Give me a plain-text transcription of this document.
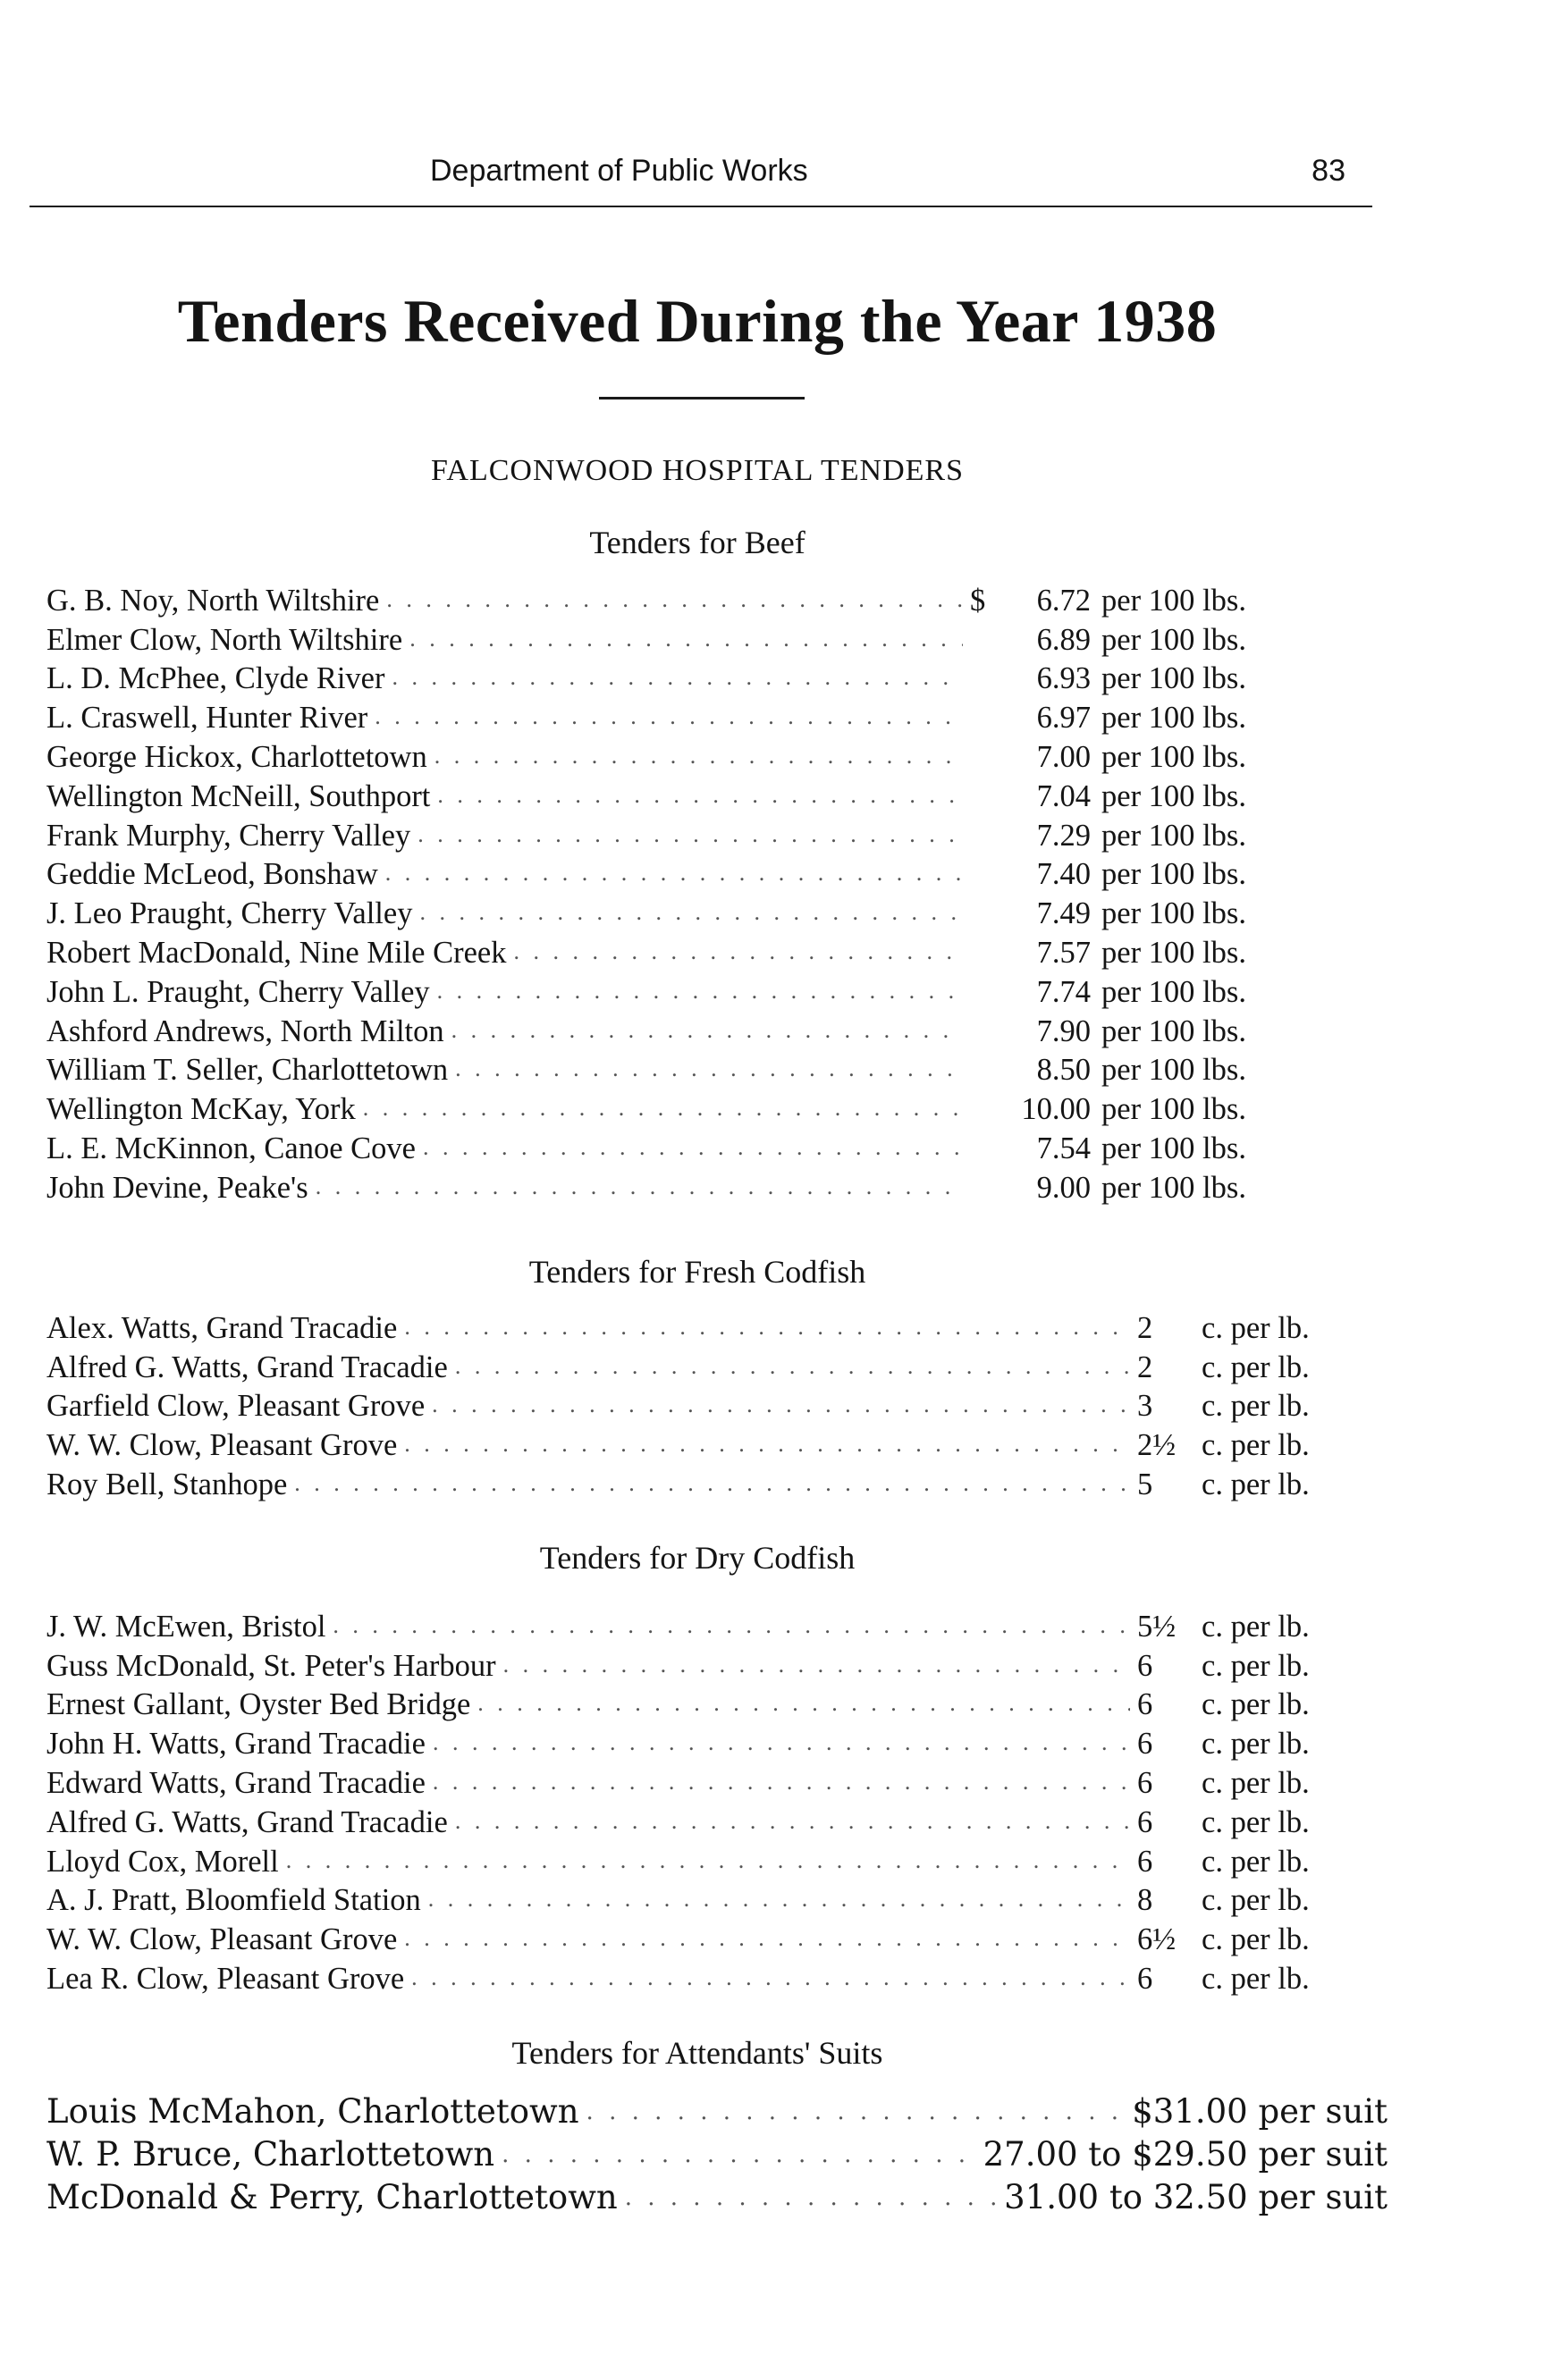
Department of Public Works	83
Tenders Received During the Year 1938
FALCONWOOD HOSPITAL TENDERS
Tenders for Beef
G. B. Noy, North Wiltshire . . .	$ 6.72 per 100 lbs.
Elmer Clow, North Wiltshire . . .	6.89 per 100 lbs.
L. D. McPhee, Clyde River . . .	6.93 per 100 lbs.
L. Craswell, Hunter River . . .	6.97 per 100 lbs.
George Hickox, Charlottetown . . .	7.00 per 100 lbs.
Wellington McNeill, Southport . . .	7.04 per 100 lbs.
Frank Murphy, Cherry Valley . . .	7.29 per 100 lbs.
Geddie McLeod, Bonshaw . . .	7.40 per 100 lbs.
J. Leo Praught, Cherry Valley . . .	7.49 per 100 lbs.
Robert MacDonald, Nine Mile Creek . . .	7.57 per 100 lbs.
John L. Praught, Cherry Valley . . .	7.74 per 100 lbs.
Ashford Andrews, North Milton . . .	7.90 per 100 lbs.
William T. Seller, Charlottetown . . .	8.50 per 100 lbs.
Wellington McKay, York . . .	10.00 per 100 lbs.
L. E. McKinnon, Canoe Cove . . .	7.54 per 100 lbs.
John Devine, Peake's . . .	9.00 per 100 lbs.
Tenders for Fresh Codfish
Alex. Watts, Grand Tracadie . . .	2 c. per lb.
Alfred G. Watts, Grand Tracadie . . .	2 c. per lb.
Garfield Clow, Pleasant Grove . . .	3 c. per lb.
W. W. Clow, Pleasant Grove . . .	2½ c. per lb.
Roy Bell, Stanhope . . .	5 c. per lb.
Tenders for Dry Codfish
J. W. McEwen, Bristol . . .	5½ c. per lb.
Guss McDonald, St. Peter's Harbour . . .	6 c. per lb.
Ernest Gallant, Oyster Bed Bridge . . .	6 c. per lb.
John H. Watts, Grand Tracadie . . .	6 c. per lb.
Edward Watts, Grand Tracadie . . .	6 c. per lb.
Alfred G. Watts, Grand Tracadie . . .	6 c. per lb.
Lloyd Cox, Morell . . .	6 c. per lb.
A. J. Pratt, Bloomfield Station . . .	8 c. per lb.
W. W. Clow, Pleasant Grove . . .	6½ c. per lb.
Lea R. Clow, Pleasant Grove . . .	6 c. per lb.
Tenders for Attendants' Suits
Louis McMahon, Charlottetown . . .	$31.00 per suit
W. P. Bruce, Charlottetown . . .	27.00 to $29.50 per suit
McDonald & Perry, Charlottetown . . .	31.00 to 32.50 per suit
